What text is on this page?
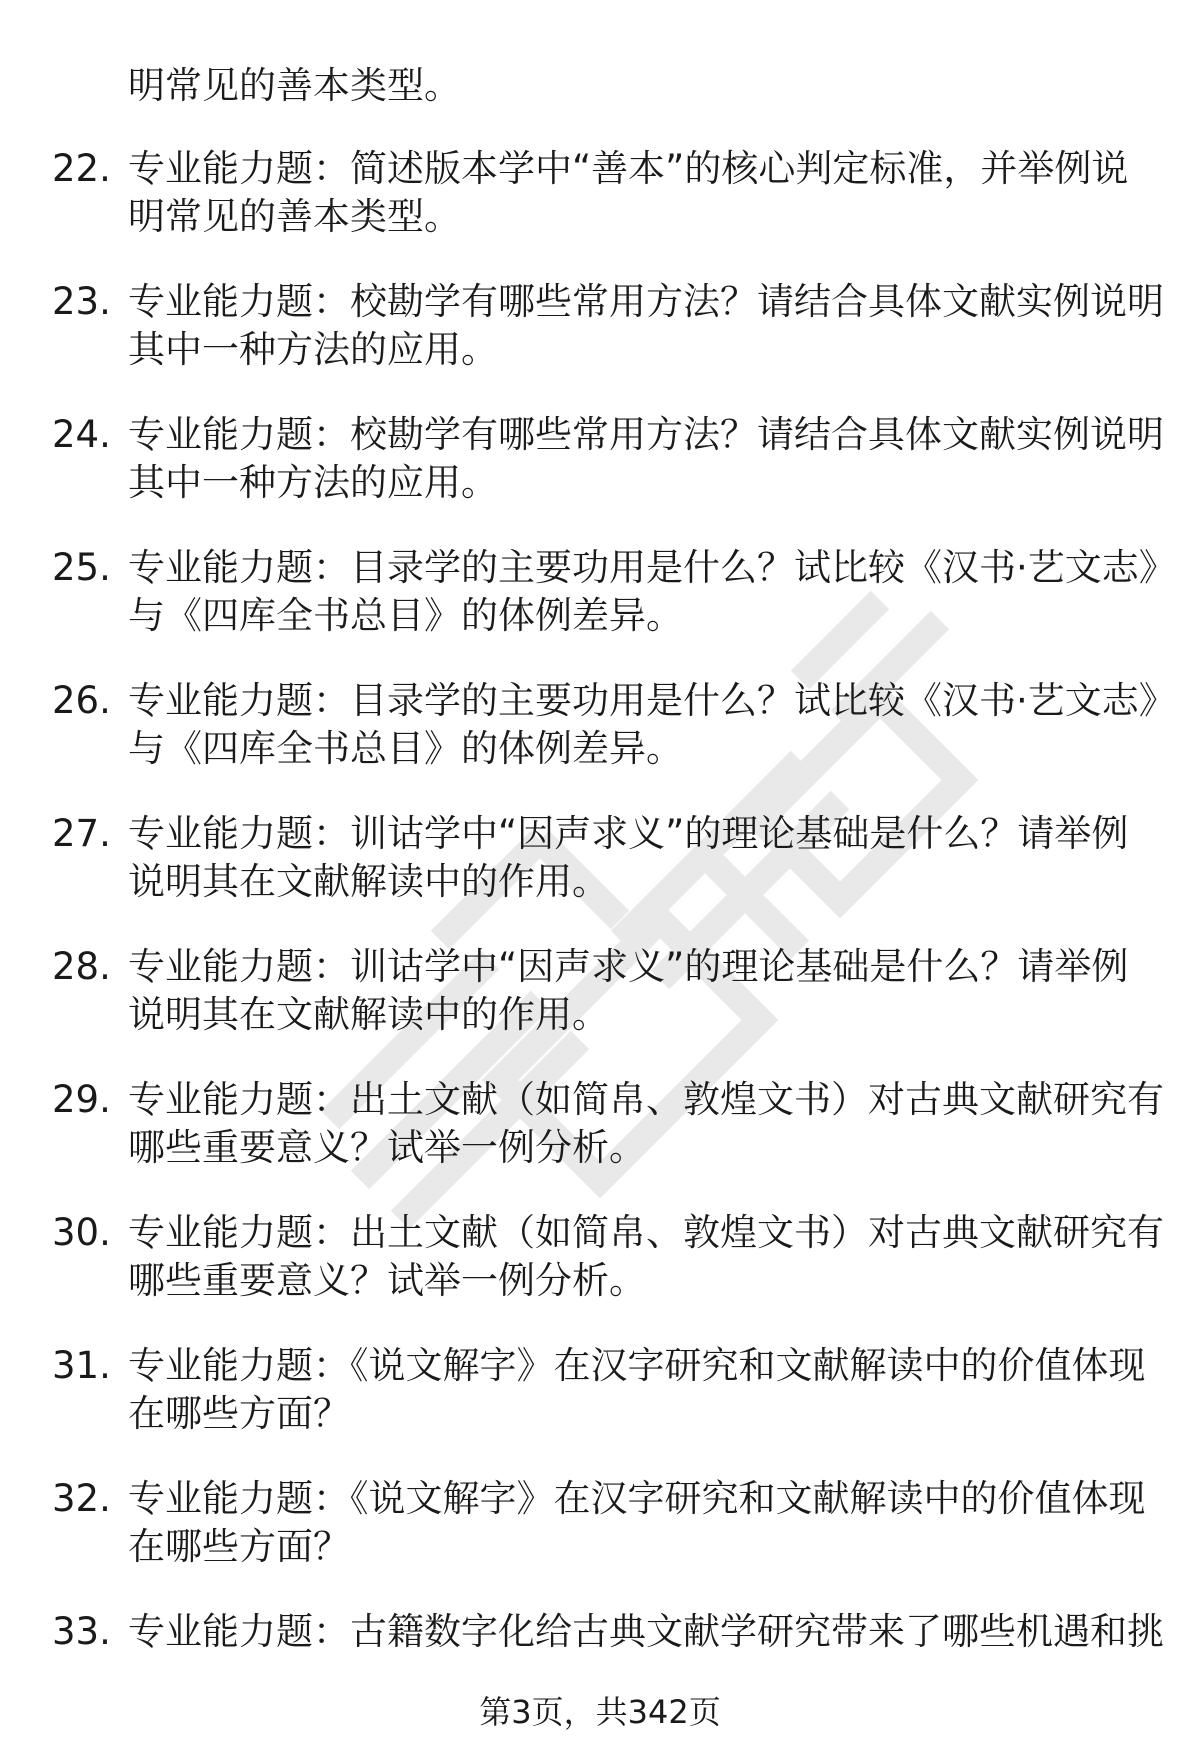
明常见的善本类型。
22. 专业能力题：简述版本学中“善本”的核心判定标准，并举例说
明常见的善本类型。
23. 专业能力题：校勘学有哪些常用方法？请结合具体文献实例说明
其中一种方法的应用。
24. 专业能力题：校勘学有哪些常用方法？请结合具体文献实例说明
其中一种方法的应用。
25. 专业能力题：目录学的主要功用是什么？试比较《汉书·艺文志》
与《四库全书总目》的体例差异。
26. 专业能力题：目录学的主要功用是什么？试比较《汉书·艺文志》
与《四库全书总目》的体例差异。
27. 专业能力题：训诂学中“因声求义”的理论基础是什么？请举例
说明其在文献解读中的作用。
28. 专业能力题：训诂学中“因声求义”的理论基础是什么？请举例
说明其在文献解读中的作用。
29. 专业能力题：出土文献（如简帛、敦煌文书）对古典文献研究有
哪些重要意义？试举一例分析。
30. 专业能力题：出土文献（如简帛、敦煌文书）对古典文献研究有
哪些重要意义？试举一例分析。
31. 专业能力题：《说文解字》在汉字研究和文献解读中的价值体现
在哪些方面？
32. 专业能力题：《说文解字》在汉字研究和文献解读中的价值体现
在哪些方面？
33. 专业能力题：古籍数字化给古典文献学研究带来了哪些机遇和挑
第3页，共342页
